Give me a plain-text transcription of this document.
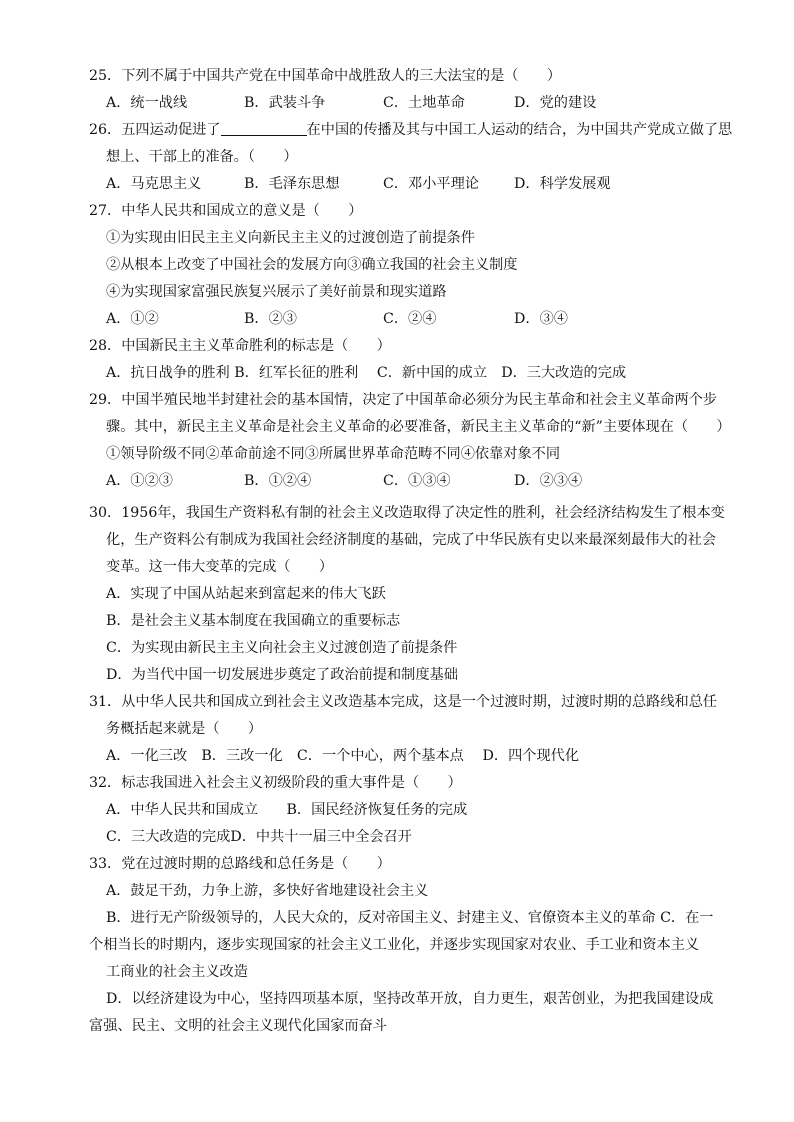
25．下列不属于中国共产党在中国革命中战胜敌人的三大法宝的是（　　）
A．统一战线	B．武装斗争	C．土地革命	D．党的建设
26．五四运动促进了	在中国的传播及其与中国工人运动的结合，为中国共产党成立做了思
想上、干部上的准备。（　　）
A．马克思主义	B．毛泽东思想	C．邓小平理论 D．科学发展观
27．中华人民共和国成立的意义是（　　）
①为实现由旧民主主义向新民主主义的过渡创造了前提条件
②从根本上改变了中国社会的发展方向③确立我国的社会主义制度
④为实现国家富强民族复兴展示了美好前景和现实道路
A．①②	B．②③	C．②④	D．③④
28．中国新民主主义革命胜利的标志是（　　）
A．抗日战争的胜利 B．红军长征的胜利　 C．新中国的成立　D．三大改造的完成
29．中国半殖民地半封建社会的基本国情，决定了中国革命必须分为民主革命和社会主义革命两个步
骤。其中，新民主主义革命是社会主义革命的必要准备，新民主主义革命的“新”主要体现在（　　）
①领导阶级不同②革命前途不同③所属世界革命范畴不同④依靠对象不同
A．①②③	B．①②④	C．①③④	D．②③④
30．1956年，我国生产资料私有制的社会主义改造取得了决定性的胜利，社会经济结构发生了根本变
化，生产资料公有制成为我国社会经济制度的基础，完成了中华民族有史以来最深刻最伟大的社会
变革。这一伟大变革的完成（　　）
A．实现了中国从站起来到富起来的伟大飞跃
B．是社会主义基本制度在我国确立的重要标志
C．为实现由新民主主义向社会主义过渡创造了前提条件
D．为当代中国一切发展进步奠定了政治前提和制度基础
31．从中华人民共和国成立到社会主义改造基本完成，这是一个过渡时期，过渡时期的总路线和总任
务概括起来就是（　　）
A．一化三改　B．三改一化　C．一个中心，两个基本点　 D．四个现代化
32．标志我国进入社会主义初级阶段的重大事件是（　　）
A．中华人民共和国成立　　B．国民经济恢复任务的完成
C．三大改造的完成D．中共十一届三中全会召开
33．党在过渡时期的总路线和总任务是（　　）
A．鼓足干劲，力争上游，多快好省地建设社会主义
B．进行无产阶级领导的，人民大众的，反对帝国主义、封建主义、官僚资本主义的革命 C．在一
个相当长的时期内，逐步实现国家的社会主义工业化，并逐步实现国家对农业、手工业和资本主义
工商业的社会主义改造
D．以经济建设为中心，坚持四项基本原，坚持改革开放，自力更生，艰苦创业，为把我国建设成
富强、民主、文明的社会主义现代化国家而奋斗
